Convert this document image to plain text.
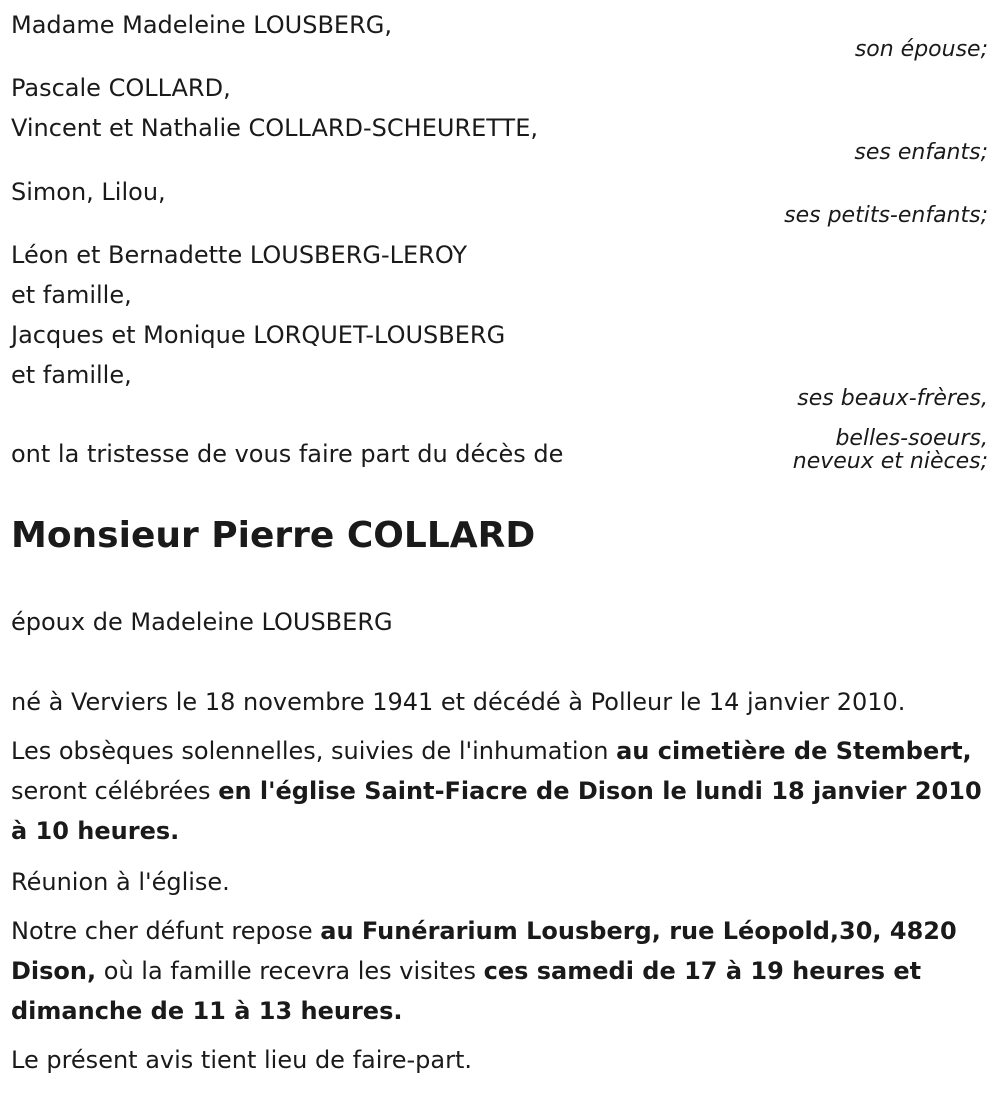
Madame Madeleine LOUSBERG,
son épouse;
Pascale COLLARD,
Vincent et Nathalie COLLARD-SCHEURETTE,
ses enfants;
Simon, Lilou,
ses petits-enfants;
Léon et Bernadette LOUSBERG-LEROY
et famille,
Jacques et Monique LORQUET-LOUSBERG
et famille,
ses beaux-frères,
ont la tristesse de vous faire part du décès de
belles-soeurs,
neveux et nièces;
Monsieur Pierre COLLARD
époux de Madeleine LOUSBERG
né à Verviers le 18 novembre 1941 et décédé à Polleur le 14 janvier 2010.
Les obsèques solennelles, suivies de l'inhumation au cimetière de Stembert, seront célébrées en l'église Saint-Fiacre de Dison le lundi 18 janvier 2010 à 10 heures.
Réunion à l'église.
Notre cher défunt repose au Funérarium Lousberg, rue Léopold,30, 4820 Dison, où la famille recevra les visites ces samedi de 17 à 19 heures et dimanche de 11 à 13 heures.
Le présent avis tient lieu de faire-part.
